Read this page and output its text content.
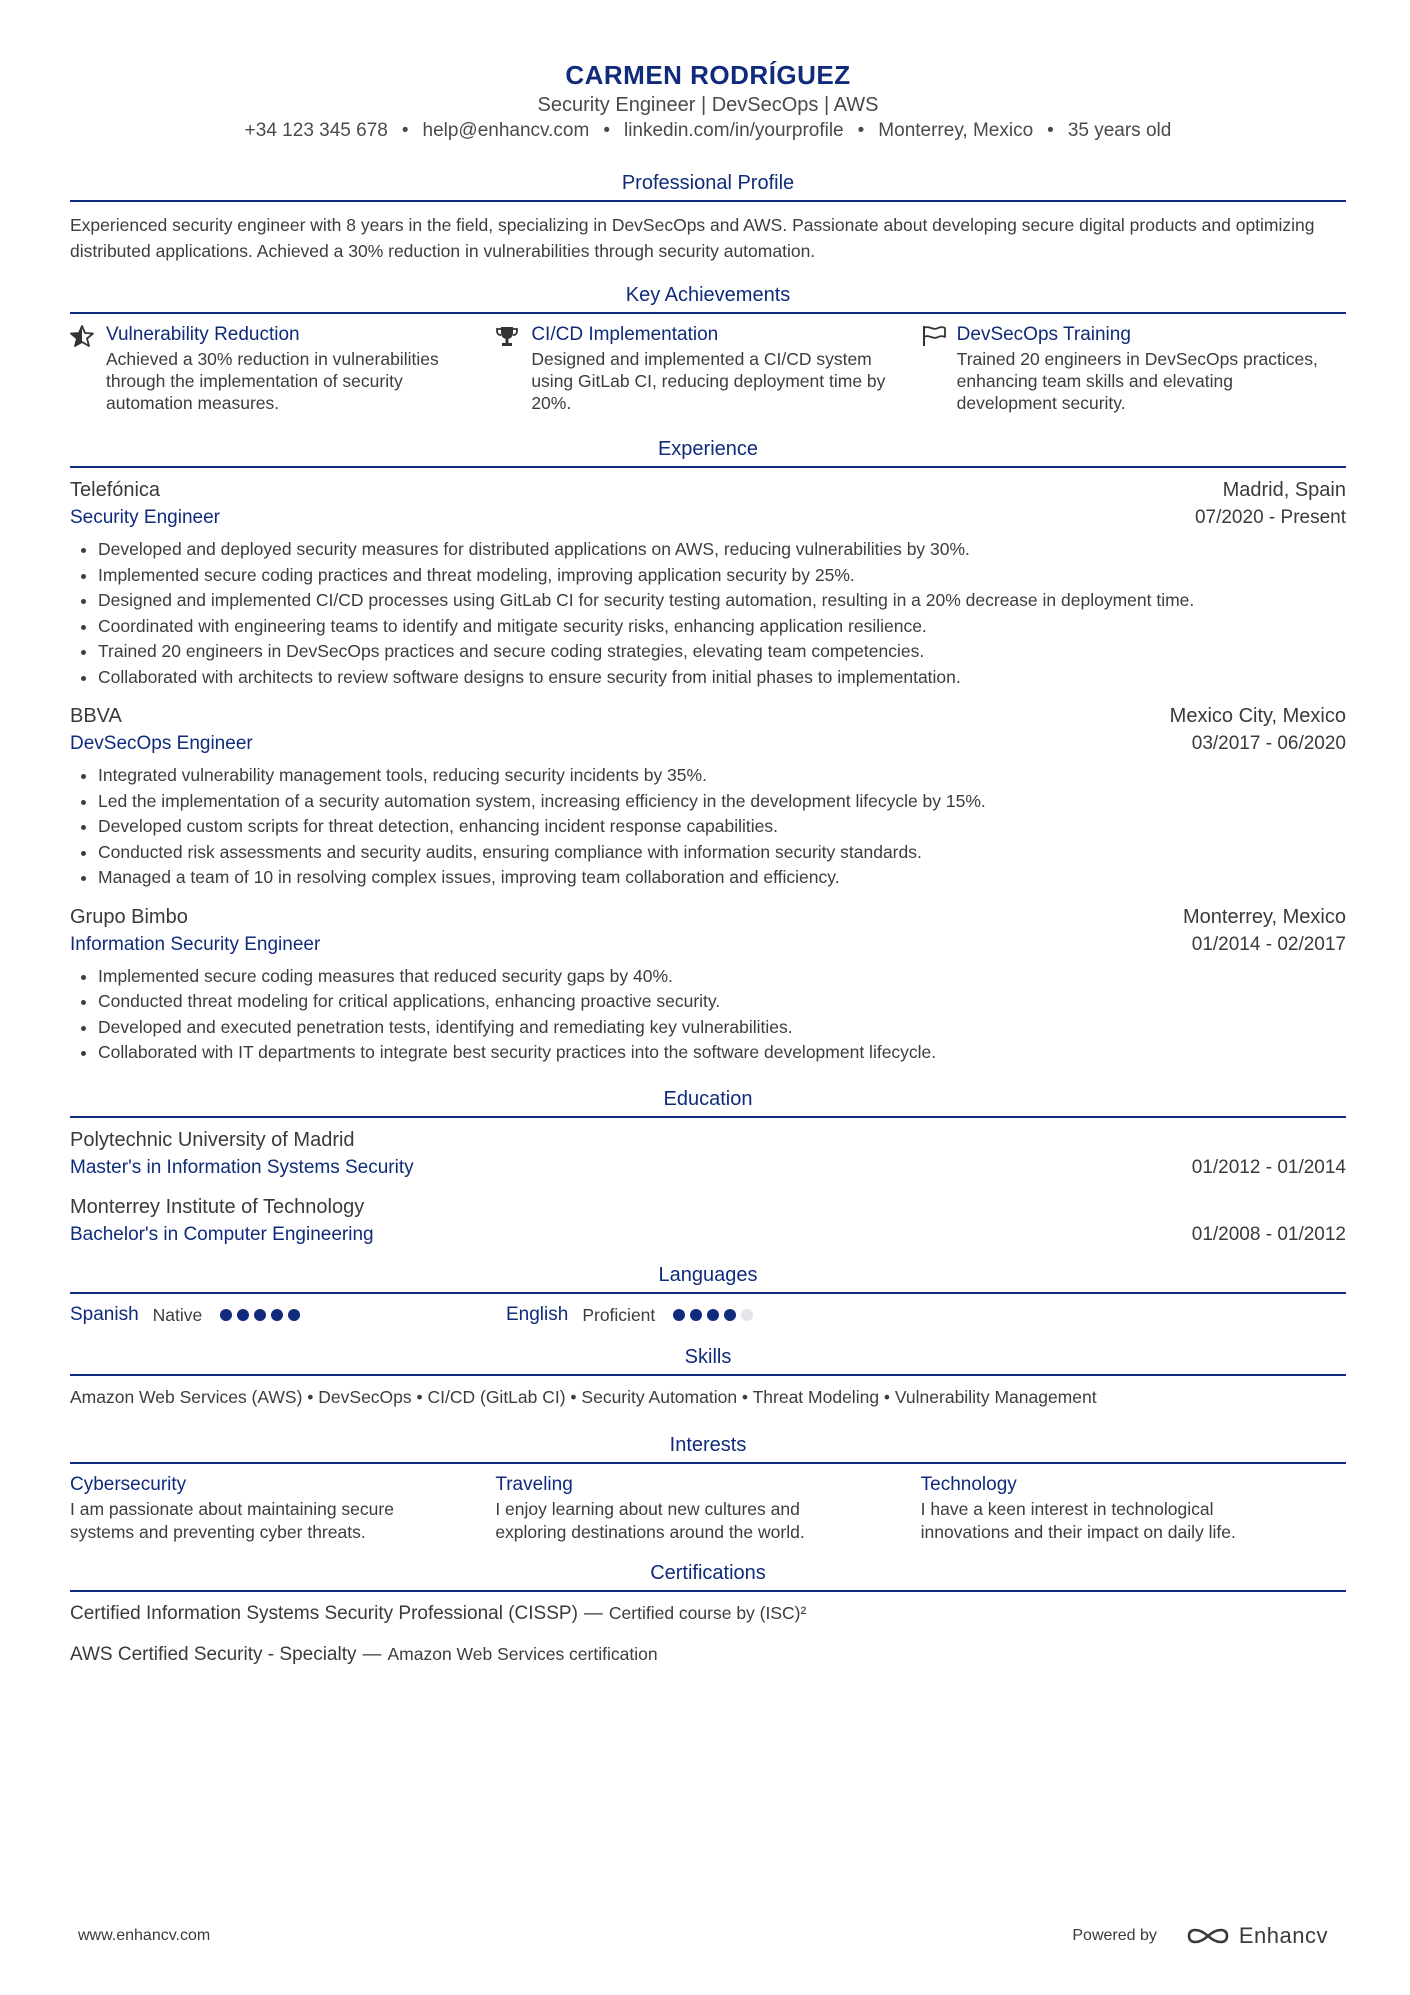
CARMEN RODRÍGUEZ
Security Engineer | DevSecOps | AWS
+34 123 345 678 • help@enhancv.com • linkedin.com/in/yourprofile • Monterrey, Mexico • 35 years old
Professional Profile

Experienced security engineer with 8 years in the field, specializing in DevSecOps and AWS. Passionate about developing secure digital products and optimizing distributed applications. Achieved a 30% reduction in vulnerabilities through security automation.

Key Achievements
Vulnerability Reduction
Achieved a 30% reduction in vulnerabilities through the implementation of security automation measures.
CI/CD Implementation
Designed and implemented a CI/CD system using GitLab CI, reducing deployment time by 20%.
DevSecOps Training
Trained 20 engineers in DevSecOps practices, enhancing team skills and elevating development security.
Experience
Telefónica	Madrid, Spain
Security Engineer	07/2020 - Present
• Developed and deployed security measures for distributed applications on AWS, reducing vulnerabilities by 30%.
• Implemented secure coding practices and threat modeling, improving application security by 25%.
• Designed and implemented CI/CD processes using GitLab CI for security testing automation, resulting in a 20% decrease in deployment time.
• Coordinated with engineering teams to identify and mitigate security risks, enhancing application resilience.
• Trained 20 engineers in DevSecOps practices and secure coding strategies, elevating team competencies.
• Collaborated with architects to review software designs to ensure security from initial phases to implementation.
BBVA	Mexico City, Mexico
DevSecOps Engineer	03/2017 - 06/2020
• Integrated vulnerability management tools, reducing security incidents by 35%.
• Led the implementation of a security automation system, increasing efficiency in the development lifecycle by 15%.
• Developed custom scripts for threat detection, enhancing incident response capabilities.
• Conducted risk assessments and security audits, ensuring compliance with information security standards.
• Managed a team of 10 in resolving complex issues, improving team collaboration and efficiency.
Grupo Bimbo	Monterrey, Mexico
Information Security Engineer	01/2014 - 02/2017
• Implemented secure coding measures that reduced security gaps by 40%.
• Conducted threat modeling for critical applications, enhancing proactive security.
• Developed and executed penetration tests, identifying and remediating key vulnerabilities.
• Collaborated with IT departments to integrate best security practices into the software development lifecycle.
Education
Polytechnic University of Madrid
Master's in Information Systems Security	01/2012 - 01/2014
Monterrey Institute of Technology
Bachelor's in Computer Engineering	01/2008 - 01/2012
Languages
Spanish Native	English Proficient
Skills
Amazon Web Services (AWS) • DevSecOps • CI/CD (GitLab CI) • Security Automation • Threat Modeling • Vulnerability Management
Interests
Cybersecurity
I am passionate about maintaining secure systems and preventing cyber threats.
Traveling
I enjoy learning about new cultures and exploring destinations around the world.
Technology
I have a keen interest in technological innovations and their impact on daily life.
Certifications
Certified Information Systems Security Professional (CISSP) — Certified course by (ISC)²
AWS Certified Security - Specialty — Amazon Web Services certification
www.enhancv.com	Powered by	Enhancv
